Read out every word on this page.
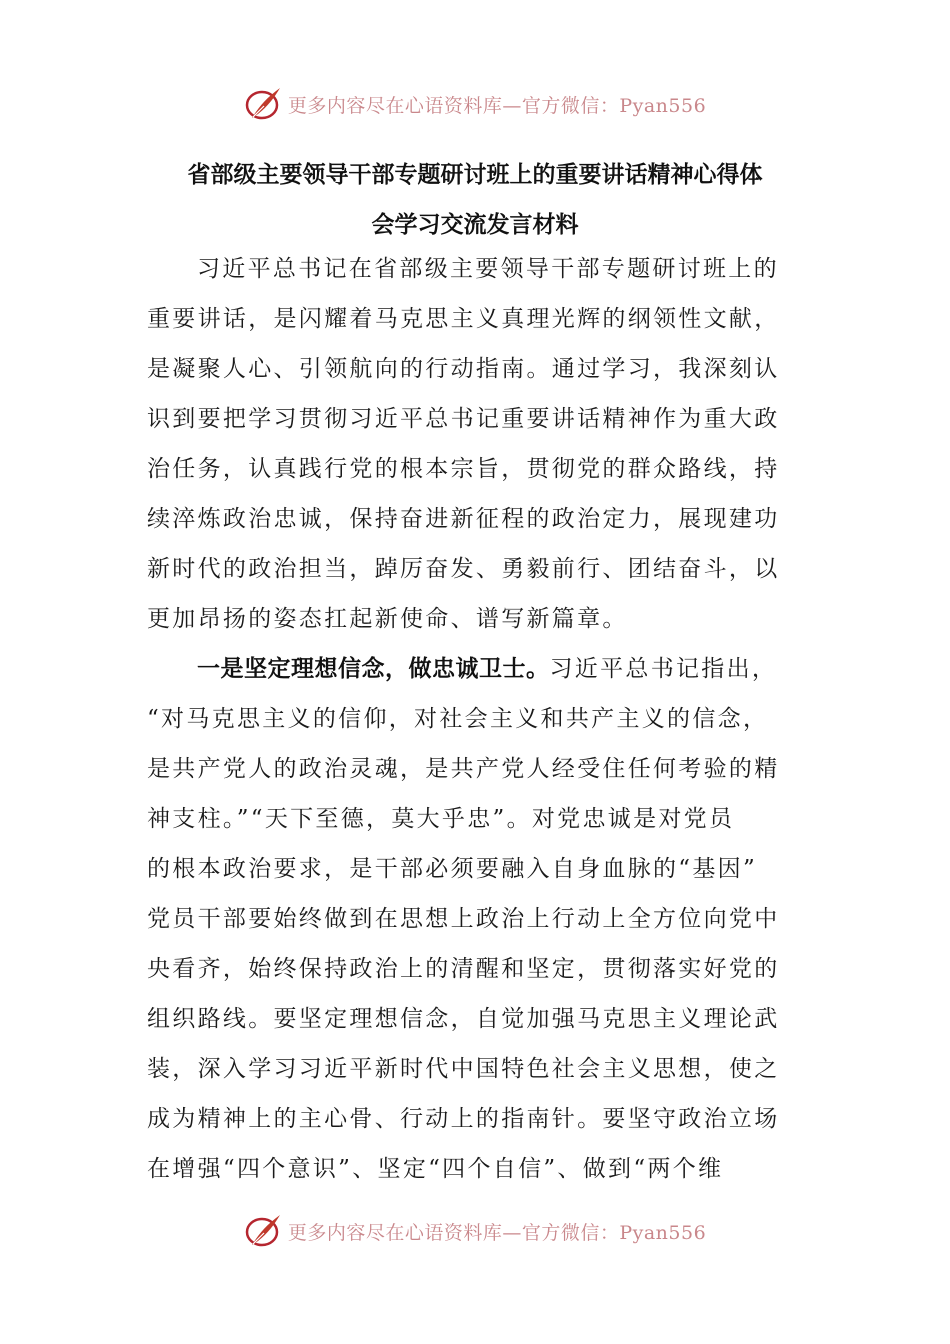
更多内容尽在心语资料库—官方微信：Pyan556
省部级主要领导干部专题研讨班上的重要讲话精神心得体
会学习交流发言材料
习近平总书记在省部级主要领导干部专题研讨班上的
重要讲话，是闪耀着马克思主义真理光辉的纲领性文献，
是凝聚人心、引领航向的行动指南。通过学习，我深刻认
识到要把学习贯彻习近平总书记重要讲话精神作为重大政
治任务，认真践行党的根本宗旨，贯彻党的群众路线，持
续淬炼政治忠诚，保持奋进新征程的政治定力，展现建功
新时代的政治担当，踔厉奋发、勇毅前行、团结奋斗，以
更加昂扬的姿态扛起新使命、谱写新篇章。
一是坚定理想信念，做忠诚卫士。习近平总书记指出，
“对马克思主义的信仰，对社会主义和共产主义的信念，
是共产党人的政治灵魂，是共产党人经受住任何考验的精
神支柱。”“天下至德，莫大乎忠”。对党忠诚是对党员
的根本政治要求，是干部必须要融入自身血脉的“基因”
党员干部要始终做到在思想上政治上行动上全方位向党中
央看齐，始终保持政治上的清醒和坚定，贯彻落实好党的
组织路线。要坚定理想信念，自觉加强马克思主义理论武
装，深入学习习近平新时代中国特色社会主义思想，使之
成为精神上的主心骨、行动上的指南针。要坚守政治立场
在增强“四个意识”、坚定“四个自信”、做到“两个维
更多内容尽在心语资料库—官方微信：Pyan556
